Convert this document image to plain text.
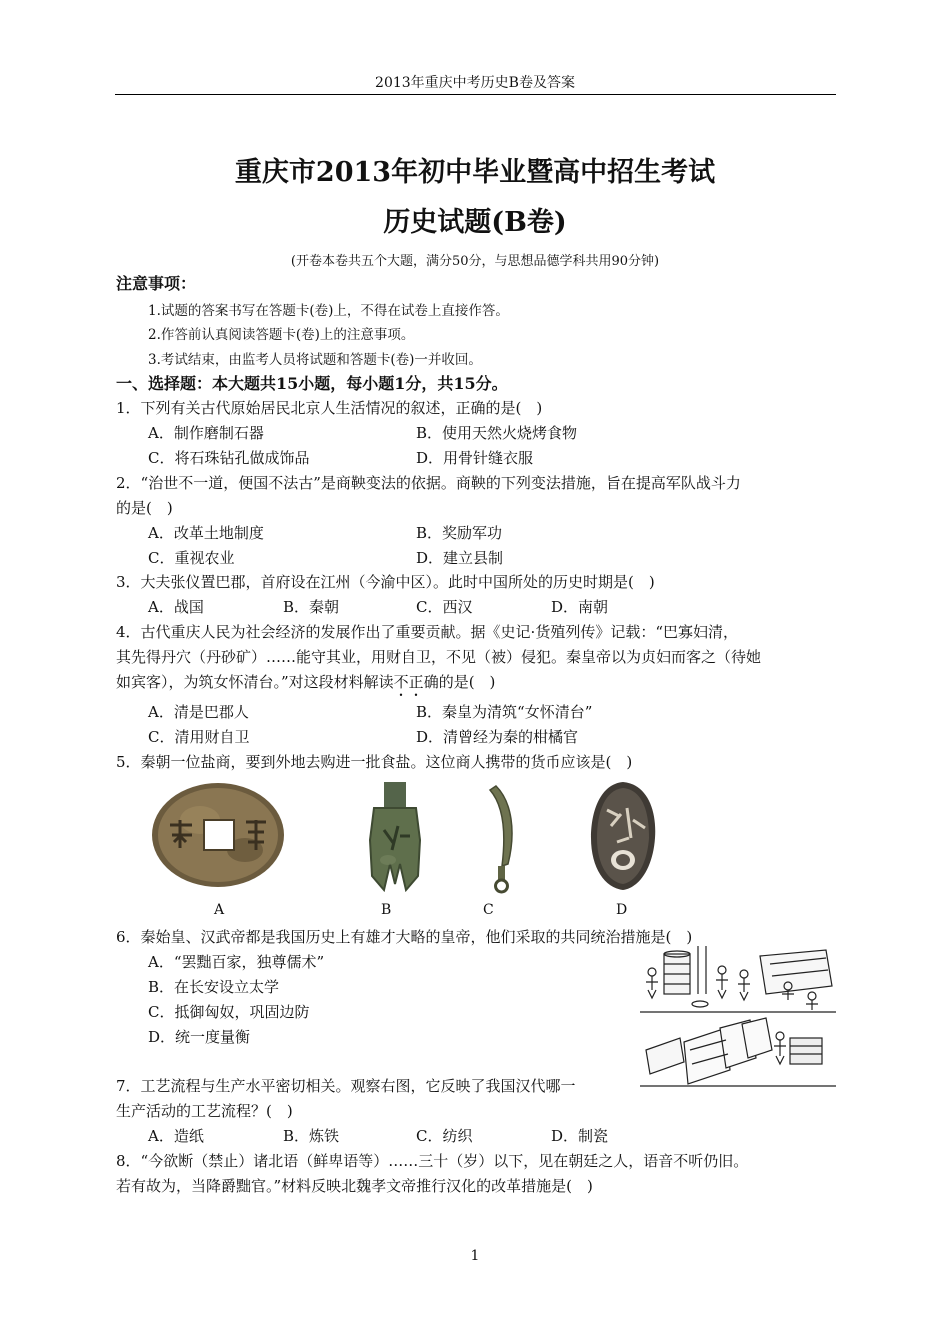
2013年重庆中考历史B卷及答案
重庆市2013年初中毕业暨高中招生考试
历史试题(B卷)
(开卷本卷共五个大题，满分50分，与思想品德学科共用90分钟)
注意事项：
1.试题的答案书写在答题卡(卷)上，不得在试卷上直接作答。
2.作答前认真阅读答题卡(卷)上的注意事项。
3.考试结束，由监考人员将试题和答题卡(卷)一并收回。
一、选择题：本大题共15小题，每小题1分，共15分。
1．下列有关古代原始居民北京人生活情况的叙述，正确的是(　)
A．制作磨制石器	B．使用天然火烧烤食物
C．将石珠钻孔做成饰品	D．用骨针缝衣服
2．“治世不一道，便国不法古”是商鞅变法的依据。商鞅的下列变法措施，旨在提高军队战斗力
的是(　)
A．改革土地制度	B．奖励军功
C．重视农业	D．建立县制
3．大夫张仪置巴郡，首府设在江州（今渝中区）。此时中国所处的历史时期是(　)
A．战国	B．秦朝	C．西汉	D．南朝
4．古代重庆人民为社会经济的发展作出了重要贡献。据《史记·货殖列传》记载：“巴寡妇清，
其先得丹穴（丹砂矿）……能守其业，用财自卫，不见（被）侵犯。秦皇帝以为贞妇而客之（待她
如宾客），为筑女怀清台。”对这段材料解读不正确的是(　)
A．清是巴郡人	B．秦皇为清筑“女怀清台”
C．清用财自卫	D．清曾经为秦的柑橘官
5．秦朝一位盐商，要到外地去购进一批食盐。这位商人携带的货币应该是(　)
A	B	C	D
6．秦始皇、汉武帝都是我国历史上有雄才大略的皇帝，他们采取的共同统治措施是(　)
A．“罢黜百家，独尊儒术”
B．在长安设立太学
C．抵御匈奴，巩固边防
D．统一度量衡
7．工艺流程与生产水平密切相关。观察右图，它反映了我国汉代哪一
生产活动的工艺流程？(　)
A．造纸	B．炼铁	C．纺织	D．制瓷
8．“今欲断（禁止）诸北语（鲜卑语等）……三十（岁）以下，见在朝廷之人，语音不听仍旧。
若有故为，当降爵黜官。”材料反映北魏孝文帝推行汉化的改革措施是(　)
1
